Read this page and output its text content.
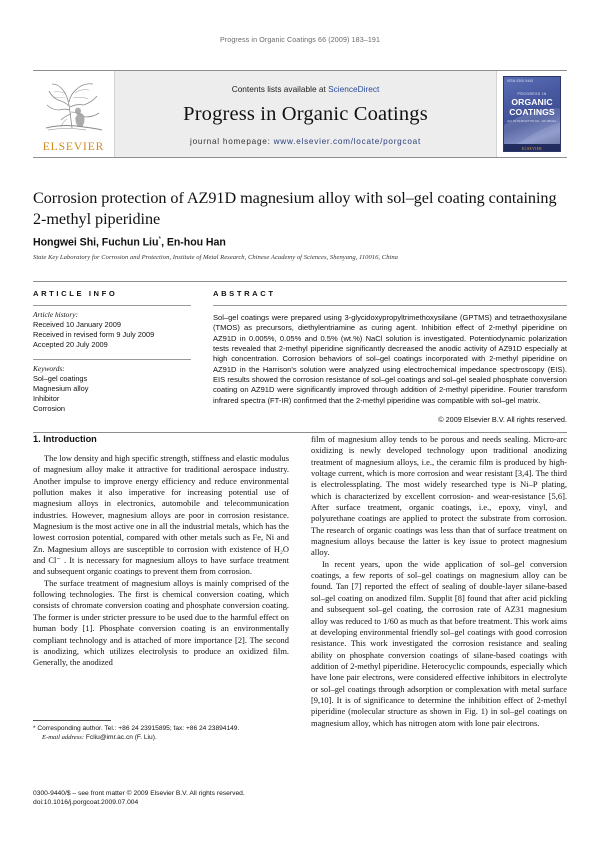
Progress in Organic Coatings 66 (2009) 183–191
ELSEVIER
Contents lists available at ScienceDirect
Progress in Organic Coatings
journal homepage: www.elsevier.com/locate/porgcoat
ISSN 0300-9440
PROGRESS IN
ORGANIC
COATINGS
AN INTERNATIONAL JOURNAL
ELSEVIER
Corrosion protection of AZ91D magnesium alloy with sol–gel coating containing 2-methyl piperidine
Hongwei Shi, Fuchun Liu*, En-hou Han
State Key Laboratory for Corrosion and Protection, Institute of Metal Research, Chinese Academy of Sciences, Shenyang, 110016, China
ARTICLE INFO
Article history:
Received 10 January 2009
Received in revised form 9 July 2009
Accepted 20 July 2009
Keywords:
Sol–gel coatings
Magnesium alloy
Inhibitor
Corrosion
ABSTRACT
Sol–gel coatings were prepared using 3-glycidoxypropyltrimethoxysilane (GPTMS) and tetraethoxysilane (TMOS) as precursors, diethylentriamine as curing agent. Inhibition effect of 2-methyl piperidine on AZ91D in 0.005%, 0.05% and 0.5% (wt.%) NaCl solution is investigated. Potentiodynamic polarization tests revealed that 2-methyl piperidine significantly decreased the anodic activity of AZ91D especially at high concentration. Corrosion behaviors of sol–gel coatings incorporated with 2-methyl piperidine on AZ91D in the Harrison's solution were analyzed using electrochemical impedance spectroscopy (EIS). EIS results showed the corrosion resistance of sol–gel coatings and sol–gel sealed phosphate conversion coating on AZ91D were significantly improved through addition of 2-methyl piperidine. Fourier transform infrared spectra (FT-IR) confirmed that the 2-methyl piperidine was compatible with sol–gel matrix.
© 2009 Elsevier B.V. All rights reserved.
1. Introduction

The low density and high specific strength, stiffness and elastic modulus of magnesium alloy make it attractive for traditional aerospace industry. Another impulse to improve energy efficiency and reduce environmental pollution makes it also imperative for increasing potential use of magnesium alloys in electronics, automobile and telecommunication industries. However, magnesium alloys are poor in corrosion resistance. Magnesium is the most active one in all the industrial metals, which has the lowest corrosion potential, compared with other metals such as Fe, Ni and Zn. Magnesium alloys are susceptible to corrosion with existence of H₂O and Cl⁻ . It is necessary for magnesium alloys to have surface treatment and subsequent organic coatings to prevent them from corrosion.

The surface treatment of magnesium alloys is mainly comprised of the following technologies. The first is chemical conversion coating, which consists of chromate conversion coating and phosphate conversion coating. The former is under stricter pressure to be used due to the harmful effect on human body [1]. Phosphate conversion coating is an environmentally compliant technology and is attached of more importance [2]. The second is anodizing, which utilizes electrolysis to produce an oxidized film. Generally, the anodized

film of magnesium alloy tends to be porous and needs sealing. Micro-arc oxidizing is newly developed technology upon traditional anodizing treatment of magnesium alloys, i.e., the ceramic film is produced by high-voltage current, which is more corrosion and wear resistant [3,4]. The third is electrolessplating. The most widely researched type is Ni–P plating, which is characterized by excellent corrosion- and wear-resistance [5,6]. After surface treatment, organic coatings, i.e., epoxy, vinyl, and polyurethane coatings are applied to protect the substrate from corrosion. The research of organic coatings was less than that of surface treatment on magnesium alloys because the latter is key issue to protect magnesium alloy.

In recent years, upon the wide application of sol–gel conversion coatings, a few reports of sol–gel coatings on magnesium alloy can be found. Tan [7] reported the effect of sealing of double-layer silane-based sol–gel coating on anodized film. Supplit [8] found that after acid pickling and subsequent sol–gel coating, the corrosion rate of AZ31 magnesium alloy was reduced to 1/60 as much as that before treatment. This work aims at developing environmental friendly sol–gel coatings with good corrosion resistance. This work investigated the corrosion resistance and sealing ability on phosphate conversion coatings of silane-based coatings with addition of 2-methyl piperidine. Heterocyclic compounds, especially which have lone pair electrons, were considered effective inhibitors in electrolyte or sol–gel coatings through adsorption or complexation with metal surface [9,10]. It is of significance to determine the inhibition effect of 2-methyl piperidine (molecular structure as shown in Fig. 1) in sol–gel coatings on magnesium alloy, which has nitrogen atom with lone pair electrons.

* Corresponding author. Tel.: +86 24 23915895; fax: +86 24 23894149.
E-mail address: Fcliu@imr.ac.cn (F. Liu).
0300-9440/$ – see front matter © 2009 Elsevier B.V. All rights reserved.
doi:10.1016/j.porgcoat.2009.07.004
